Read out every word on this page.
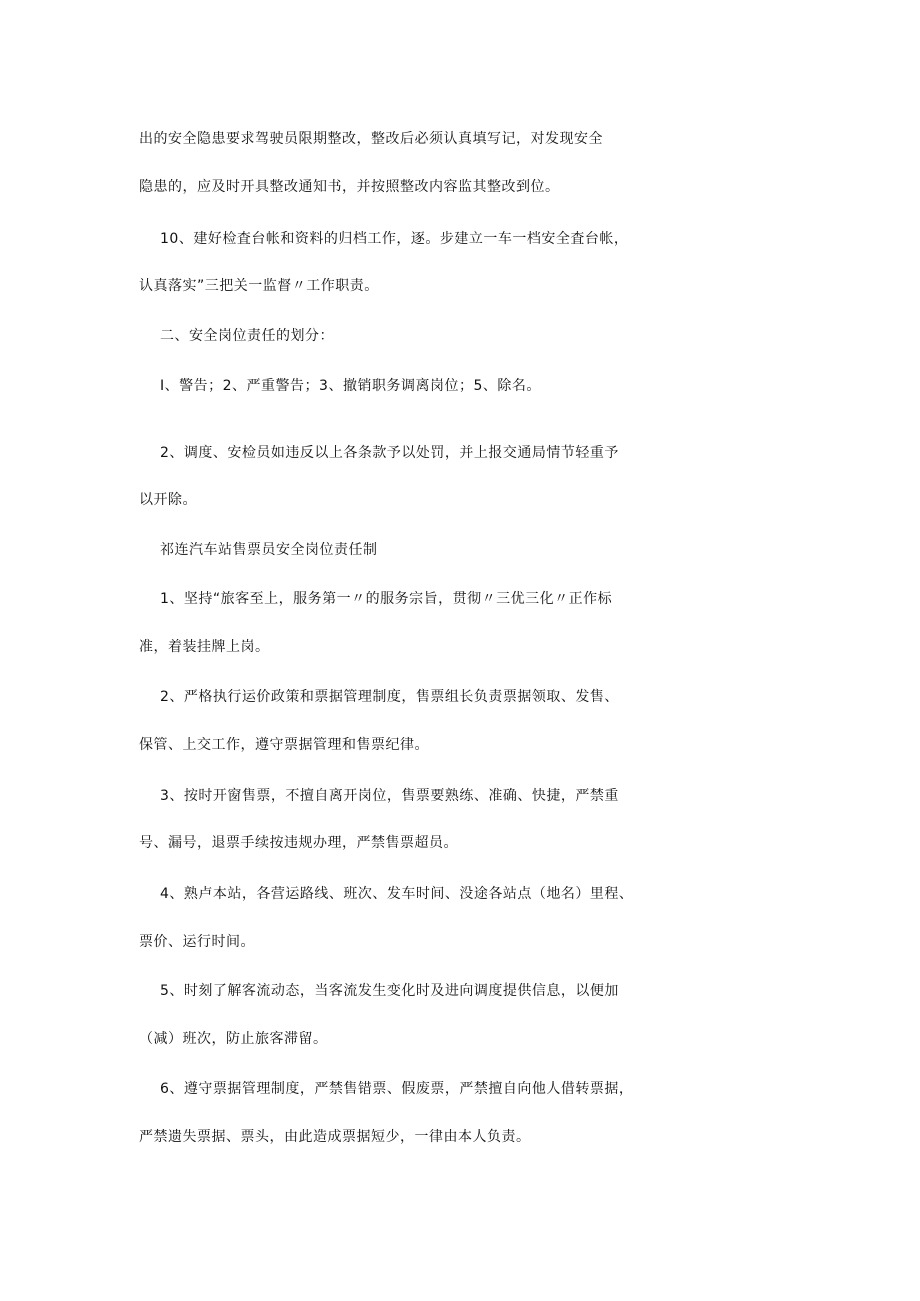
出的安全隐患要求驾驶员限期整改，整改后必须认真填写记，对发现安全
隐患的，应及时开具整改通知书，并按照整改内容监其整改到位。
10、建好检査台帐和资料的归档工作，逐。步建立一车一档安全査台帐，
认真落实”三把关一监督〃工作职责。
二、安全岗位责任的划分：
I、警告；2、严重警告；3、撤销职务调离岗位；5、除名。
2、调度、安检员如违反以上各条款予以处罚，并上报交通局情节轻重予
以开除。
祁连汽车站售票员安全岗位责任制
1、坚持“旅客至上，服务第一〃的服务宗旨，贯彻〃三优三化〃正作标
准，着装挂牌上岗。
2、严格执行运价政策和票据管理制度，售票组长负责票据领取、发售、
保管、上交工作，遵守票据管理和售票纪律。
3、按时开窗售票，不擅自离开岗位，售票要熟练、准确、快捷，严禁重
号、漏号，退票手续按违规办理，严禁售票超员。
4、熟卢本站，各营运路线、班次、发车时间、没途各站点（地名）里程、
票价、运行时间。
5、时刻了解客流动态，当客流发生变化时及进向调度提供信息，以便加
（减）班次，防止旅客滞留。
6、遵守票据管理制度，严禁售错票、假废票，严禁擅自向他人借转票据，
严禁遗失票据、票头，由此造成票据短少，一律由本人负责。
